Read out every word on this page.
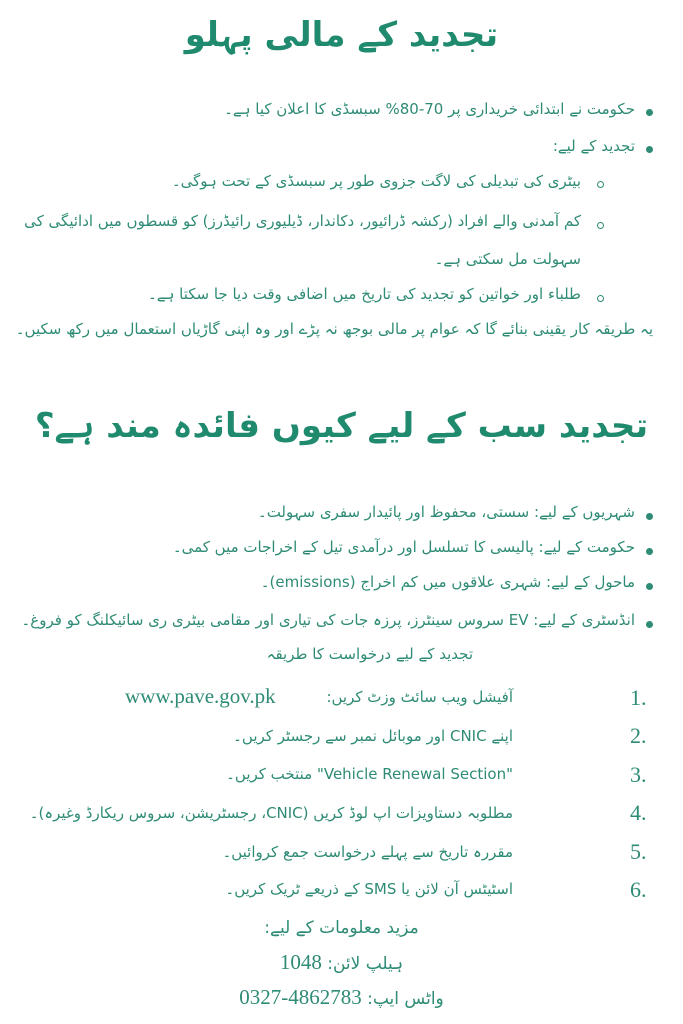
تجدید کے مالی پہلو
حکومت نے ابتدائی خریداری پر 70-80% سبسڈی کا اعلان کیا ہے۔
تجدید کے لیے:
بیٹری کی تبدیلی کی لاگت جزوی طور پر سبسڈی کے تحت ہوگی۔
کم آمدنی والے افراد (رکشہ ڈرائیور، دکاندار، ڈیلیوری رائیڈرز) کو قسطوں میں ادائیگی کی
سہولت مل سکتی ہے۔
طلباء اور خواتین کو تجدید کی تاریخ میں اضافی وقت دیا جا سکتا ہے۔
یہ طریقہ کار یقینی بنائے گا کہ عوام پر مالی بوجھ نہ پڑے اور وہ اپنی گاڑیاں استعمال میں رکھ سکیں۔
تجدید سب کے لیے کیوں فائدہ مند ہے؟
شہریوں کے لیے: سستی، محفوظ اور پائیدار سفری سہولت۔
حکومت کے لیے: پالیسی کا تسلسل اور درآمدی تیل کے اخراجات میں کمی۔
ماحول کے لیے: شہری علاقوں میں کم اخراج (emissions)۔
انڈسٹری کے لیے: EV سروس سینٹرز، پرزہ جات کی تیاری اور مقامی بیٹری ری سائیکلنگ کو فروغ۔
تجدید کے لیے درخواست کا طریقہ
1.
آفیشل ویب سائٹ وزٹ کریں:
www.pave.gov.pk
2.
اپنے CNIC اور موبائل نمبر سے رجسٹر کریں۔
3.
"Vehicle Renewal Section" منتخب کریں۔
4.
مطلوبہ دستاویزات اپ لوڈ کریں (CNIC، رجسٹریشن، سروس ریکارڈ وغیرہ)۔
5.
مقررہ تاریخ سے پہلے درخواست جمع کروائیں۔
6.
اسٹیٹس آن لائن یا SMS کے ذریعے ٹریک کریں۔
مزید معلومات کے لیے:
ہیلپ لائن: 1048
واٹس ایپ: 0327-4862783
